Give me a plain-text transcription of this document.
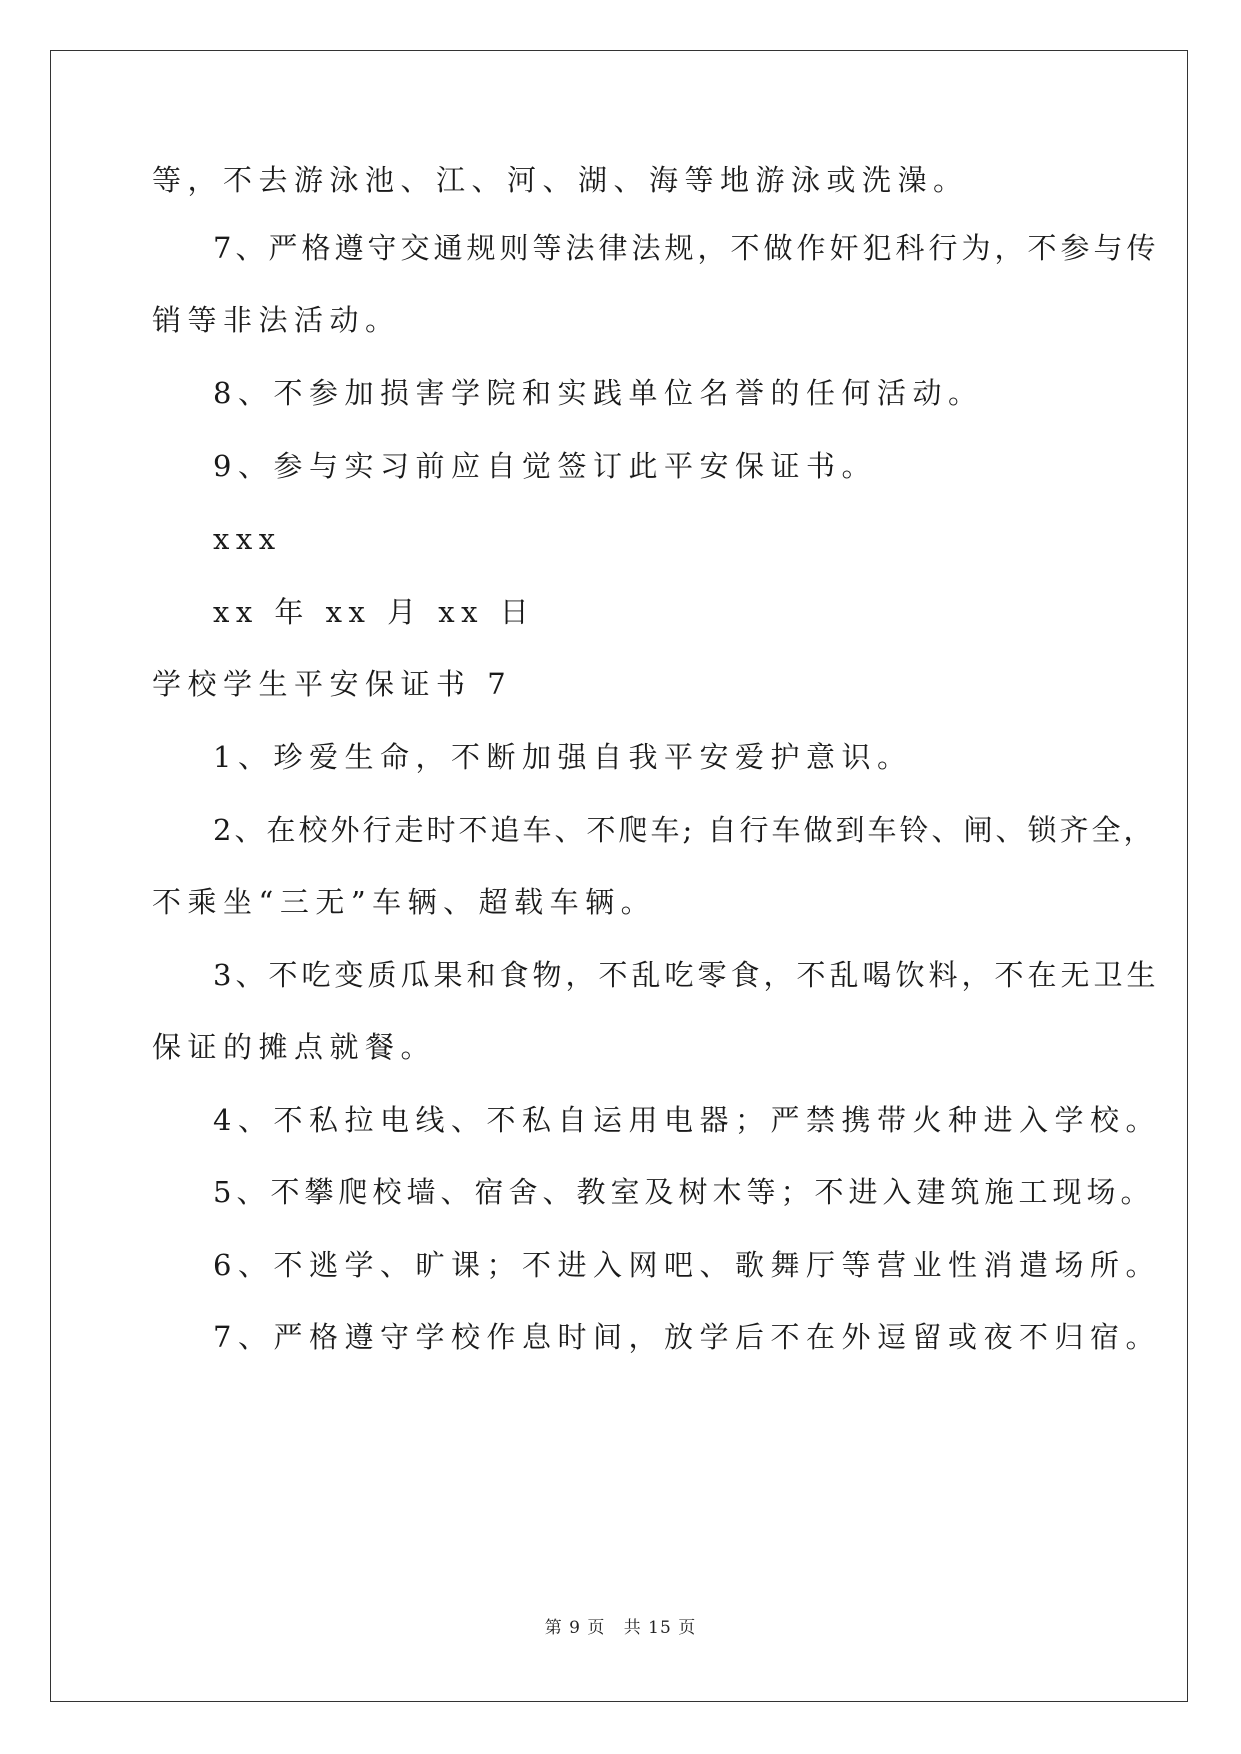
等，不去游泳池、江、河、湖、海等地游泳或洗澡。
7、严格遵守交通规则等法律法规，不做作奸犯科行为，不参与传
销等非法活动。
8、不参加损害学院和实践单位名誉的任何活动。
9、参与实习前应自觉签订此平安保证书。
xxx
xx 年 xx 月 xx 日
学校学生平安保证书 7
1、珍爱生命，不断加强自我平安爱护意识。
2、在校外行走时不追车、不爬车; 自行车做到车铃、闸、锁齐全，
不乘坐“三无”车辆、超载车辆。
3、不吃变质瓜果和食物，不乱吃零食，不乱喝饮料，不在无卫生
保证的摊点就餐。
4、不私拉电线、不私自运用电器；严禁携带火种进入学校。
5、不攀爬校墙、宿舍、教室及树木等；不进入建筑施工现场。
6、不逃学、旷课；不进入网吧、歌舞厅等营业性消遣场所。
7、严格遵守学校作息时间，放学后不在外逗留或夜不归宿。
第 9 页 共 15 页
